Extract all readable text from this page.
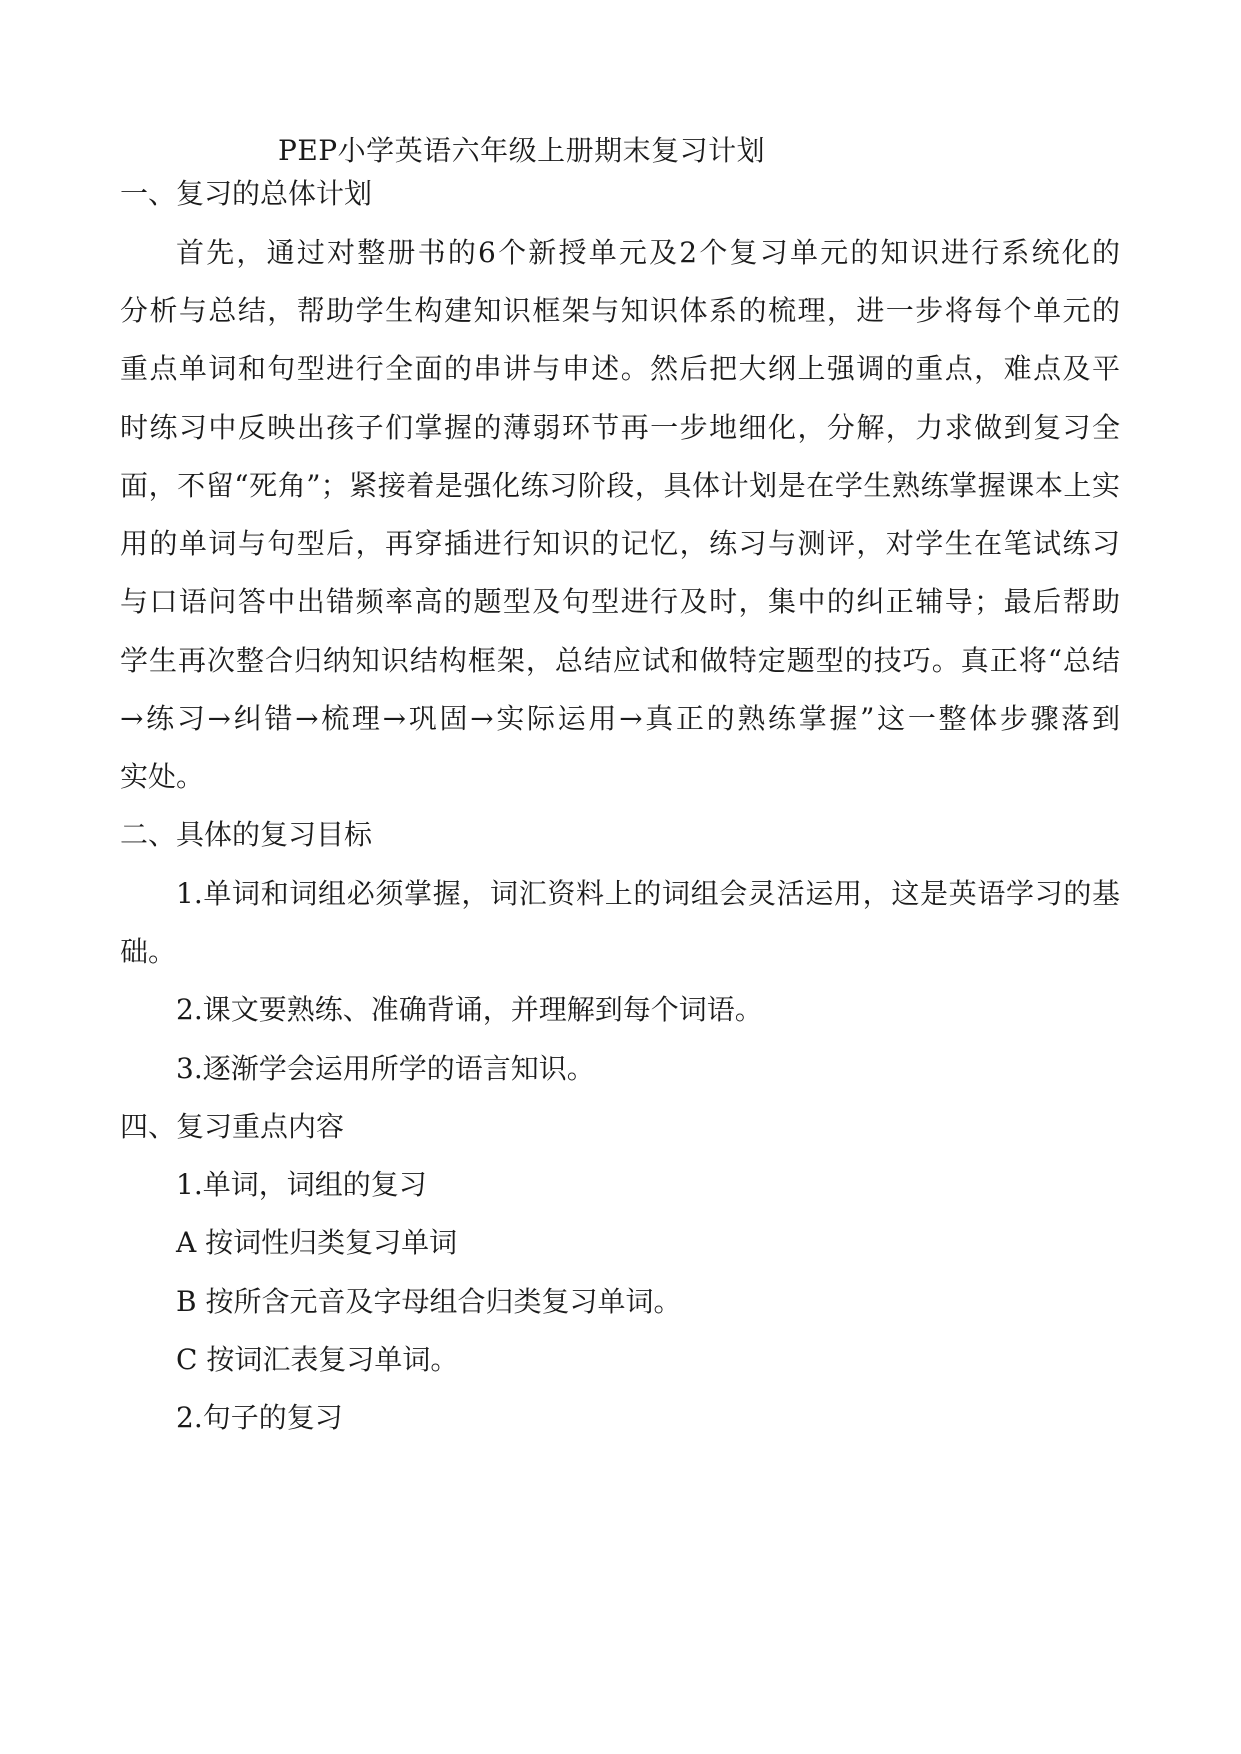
PEP小学英语六年级上册期末复习计划
一、复习的总体计划
首先，通过对整册书的6个新授单元及2个复习单元的知识进行系统化的
分析与总结，帮助学生构建知识框架与知识体系的梳理，进一步将每个单元的
重点单词和句型进行全面的串讲与申述。然后把大纲上强调的重点，难点及平
时练习中反映出孩子们掌握的薄弱环节再一步地细化，分解，力求做到复习全
面，不留“死角”；紧接着是强化练习阶段，具体计划是在学生熟练掌握课本上实
用的单词与句型后，再穿插进行知识的记忆，练习与测评，对学生在笔试练习
与口语问答中出错频率高的题型及句型进行及时，集中的纠正辅导；最后帮助
学生再次整合归纳知识结构框架，总结应试和做特定题型的技巧。真正将“总结
→练习→纠错→梳理→巩固→实际运用→真正的熟练掌握”这一整体步骤落到
实处。
二、具体的复习目标
1.单词和词组必须掌握，词汇资料上的词组会灵活运用，这是英语学习的基
础。
2.课文要熟练、准确背诵，并理解到每个词语。
3.逐渐学会运用所学的语言知识。
四、复习重点内容
1.单词，词组的复习
A 按词性归类复习单词
B 按所含元音及字母组合归类复习单词。
C 按词汇表复习单词。
2.句子的复习
